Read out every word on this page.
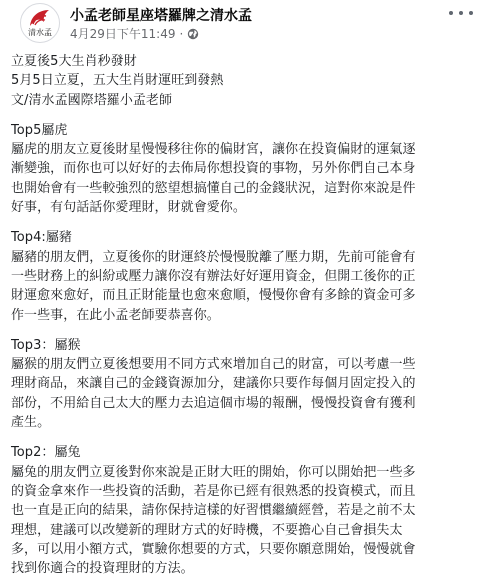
清水孟
小孟老師星座塔羅牌之清水孟
4月29日下午11:49 ·
立夏後5大生肖秒發財
5月5日立夏，五大生肖財運旺到發熱
文/清水孟國際塔羅小孟老師
Top5屬虎
屬虎的朋友立夏後財星慢慢移往你的偏財宮，讓你在投資偏財的運氣逐
漸變強，而你也可以好好的去佈局你想投資的事物，另外你們自己本身
也開始會有一些較強烈的慾望想搞懂自己的金錢狀況，這對你來說是件
好事，有句話話你愛理財，財就會愛你。
Top4:屬豬
屬豬的朋友們，立夏後你的財運終於慢慢脫離了壓力期，先前可能會有
一些財務上的糾紛或壓力讓你沒有辦法好好運用資金，但開工後你的正
財運愈來愈好，而且正財能量也愈來愈順，慢慢你會有多餘的資金可多
作一些事，在此小孟老師要恭喜你。
Top3：屬猴
屬猴的朋友們立夏後想要用不同方式來增加自己的財富，可以考慮一些
理財商品，來讓自己的金錢資源加分，建議你只要作每個月固定投入的
部份，不用給自己太大的壓力去追這個市場的報酬，慢慢投資會有獲利
產生。
Top2：屬兔
屬兔的朋友們立夏後對你來說是正財大旺的開始，你可以開始把一些多
的資金拿來作一些投資的活動，若是你已經有很熟悉的投資模式，而且
也一直是正向的結果，請你保持這樣的好習慣繼續經營，若是之前不太
理想，建議可以改變新的理財方式的好時機，不要擔心自己會損失太
多，可以用小額方式，實驗你想要的方式，只要你願意開始，慢慢就會
找到你適合的投資理財的方法。
